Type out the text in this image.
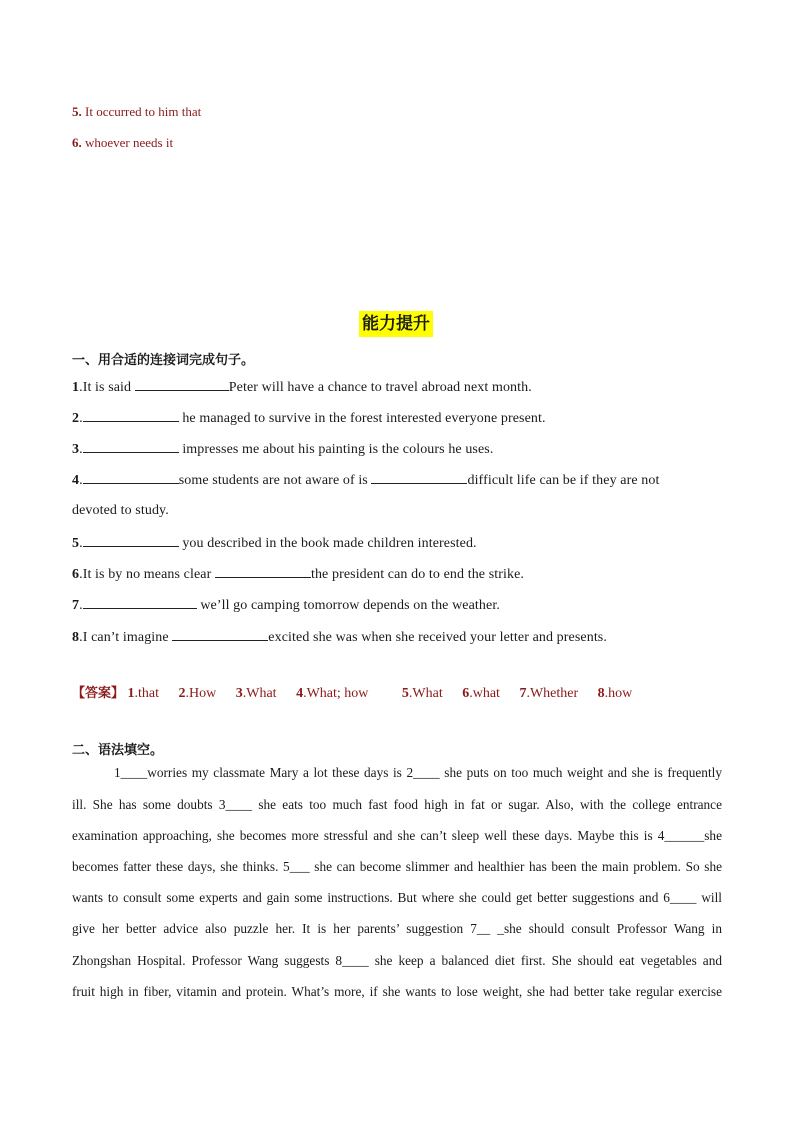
5. It occurred to him that
6. whoever needs it
能力提升
一、用合适的连接词完成句子。
1.It is said	Peter will have a chance to travel abroad next month.
2.	he managed to survive in the forest interested everyone present.
3.	impresses me about his painting is the colours he uses.
4.	some students are not aware of is	difficult life can be if they are not
devoted to study.
5.	you described in the book made children interested.
6.It is by no means clear	the president can do to end the strike.
7.	we’ll go camping tomorrow depends on the weather.
8.I can’t imagine	excited she was when she received your letter and presents.
【答案】 1.that 2.How 3.What 4.What; how 5.What 6.what 7.Whether 8.how
二、语法填空。
1____worries my classmate Mary a lot these days is 2____ she puts on too much weight and she is frequently
ill. She has some doubts 3____ she eats too much fast food high in fat or sugar. Also, with the college entrance
examination approaching, she becomes more stressful and she can’t sleep well these days. Maybe this is 4______she
becomes fatter these days, she thinks. 5___ she can become slimmer and healthier has been the main problem. So she
wants to consult some experts and gain some instructions. But where she could get better suggestions and 6____ will
give her better advice also puzzle her. It is her parents’ suggestion 7__ _she should consult Professor Wang in
Zhongshan Hospital. Professor Wang suggests 8____ she keep a balanced diet first. She should eat vegetables and
fruit high in fiber, vitamin and protein. What’s more, if she wants to lose weight, she had better take regular exercise
